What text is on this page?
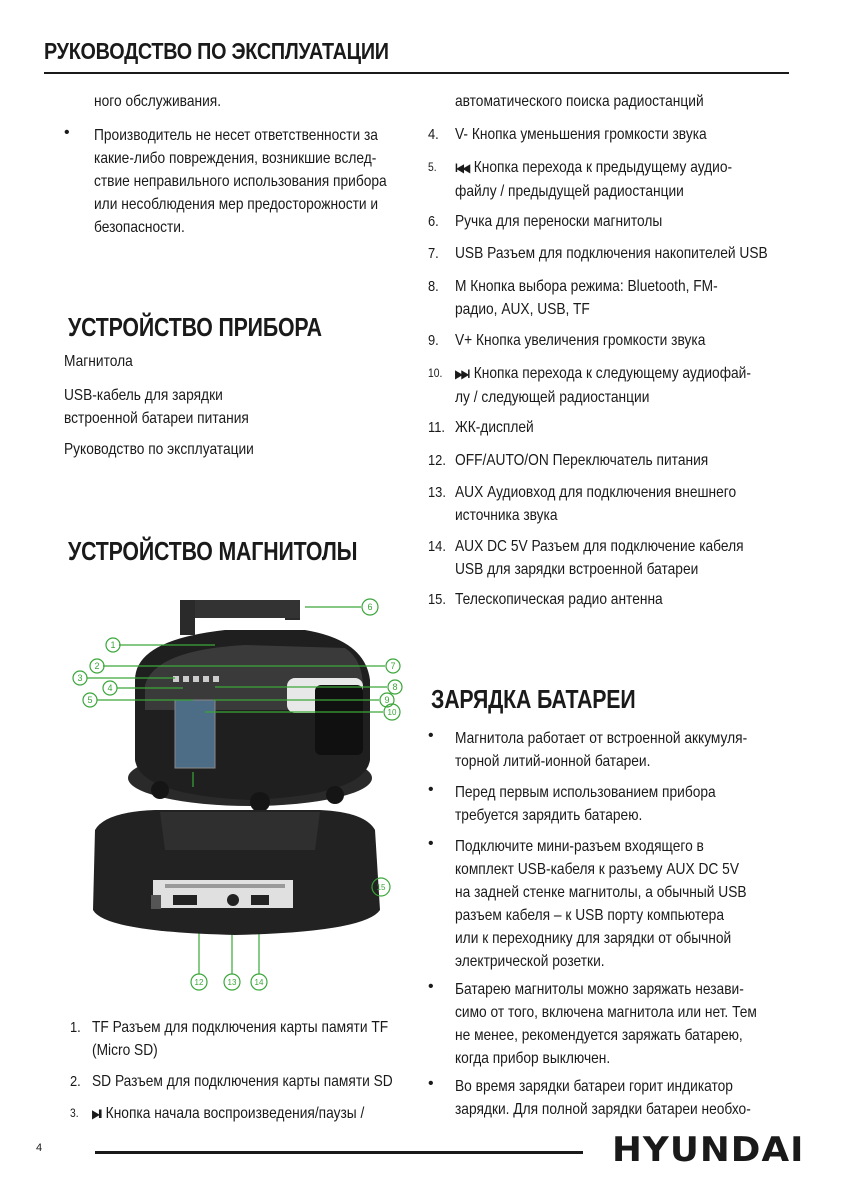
РУКОВОДСТВО ПО ЭКСПЛУАТАЦИИ
ного обслуживания.
• Производитель не несет ответственности за
какие-либо повреждения, возникшие вслед-
ствие неправильного использования прибора
или несоблюдения мер предосторожности и
безопасности.
УСТРОЙСТВО ПРИБОРА
Магнитола
USB-кабель для зарядки
встроенной батареи питания
Руководство по эксплуатации
УСТРОЙСТВО МАГНИТОЛЫ
1. TF Разъем для подключения карты памяти TF
(Micro SD)
2. SD Разъем для подключения карты памяти SD
3. ▶II Кнопка начала воспроизведения/паузы /
1
2
3
4
5
6
7
8
9
10
12	13 14
15
автоматического поиска радиостанций
4. V- Кнопка уменьшения громкости звука
5. I◀◀ Кнопка перехода к предыдущему аудио-
файлу / предыдущей радиостанции
6. Ручка для переноски магнитолы
7. USB Разъем для подключения накопителей USB
8. M Кнопка выбора режима: Bluetooth, FM-
радио, AUX, USB, TF
9. V+ Кнопка увеличения громкости звука
10. ▶▶I Кнопка перехода к следующему аудиофай-
лу / следующей радиостанции
11. ЖК-дисплей
12. OFF/AUTO/ON Переключатель питания
13. AUX Аудиовход для подключения внешнего
источника звука
14. AUX DC 5V Разъем для подключение кабеля
USB для зарядки встроенной батареи
15. Телескопическая радио антенна
ЗАРЯДКА БАТАРЕИ
• Магнитола работает от встроенной аккумуля-
торной литий-ионной батареи.
• Перед первым использованием прибора
требуется зарядить батарею.
• Подключите мини-разъем входящего в
комплект USB-кабеля к разъему AUX DC 5V
на задней стенке магнитолы, а обычный USB
разъем кабеля – к USB порту компьютера
или к переходнику для зарядки от обычной
электрической розетки.
• Батарею магнитолы можно заряжать незави-
симо от того, включена магнитола или нет. Тем
не менее, рекомендуется заряжать батарею,
когда прибор выключен.
• Во время зарядки батареи горит индикатор
зарядки. Для полной зарядки батареи необхо-
4	HYUNDAI
